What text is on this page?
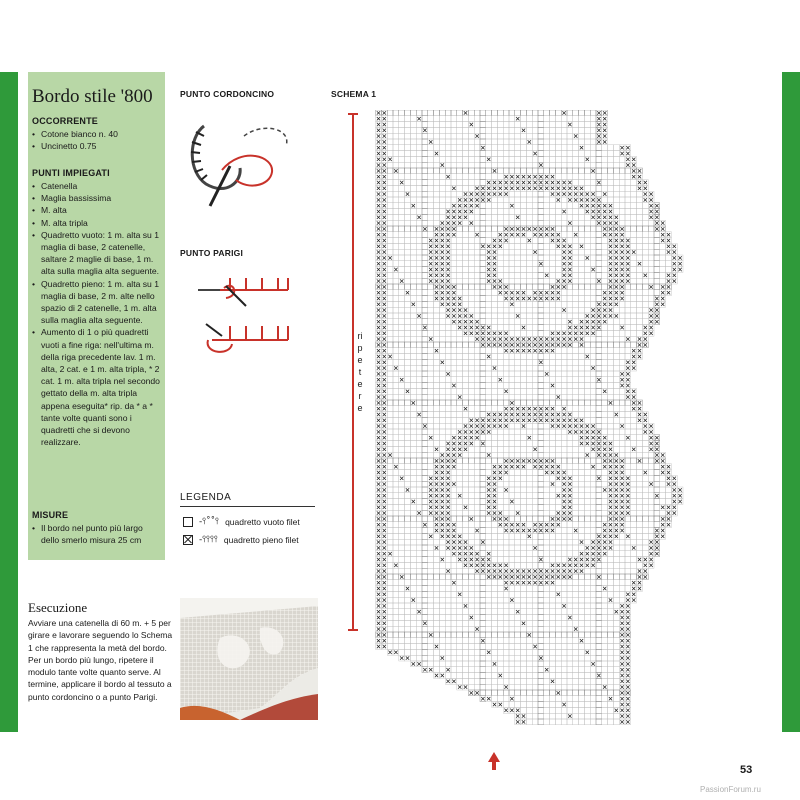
Bordo stile '800
OCCORRENTE
• Cotone bianco n. 40
• Uncinetto 0.75
PUNTI IMPIEGATI
• Catenella
• Maglia bassissima
• M. alta
• M. alta tripla
• Quadretto vuoto: 1 m. alta su 1 maglia di base, 2 catenelle, saltare 2 maglie di base, 1 m. alta sulla maglia alta seguente.
• Quadretto pieno: 1 m. alta su 1 maglia di base, 2 m. alte nello spazio di 2 catenelle, 1 m. alta sulla maglia alta seguente.
• Aumento di 1 o più quadretti vuoti a fine riga: nell'ultima m. della riga precedente lav. 1 m. alta, 2 cat. e 1 m. alta tripla, * 2 cat. 1 m. alta tripla nel secondo gettato della m. alta tripla appena eseguita* rip. da * a * tante volte quanti sono i quadretti che si devono realizzare.
MISURE
• Il bordo nel punto più largo dello smerlo misura 25 cm
PUNTO CORDONCINO
PUNTO PARIGI
LEGENDA
-⫯˚˚⫯ quadretto vuoto filet
-⫯⫯⫯⫯ quadretto pieno filet
Esecuzione
Avviare una catenella di 60 m. + 5 per girare e lavorare seguendo lo Schema 1 che rappresenta la metà del bordo. Per un bordo più lungo, ripetere il modulo tante volte quanto serve. Al termine, applicare il bordo al tessuto a punto cordoncino o a punto Parigi.
SCHEMA 1
ripetere
53
PassionForum.ru
